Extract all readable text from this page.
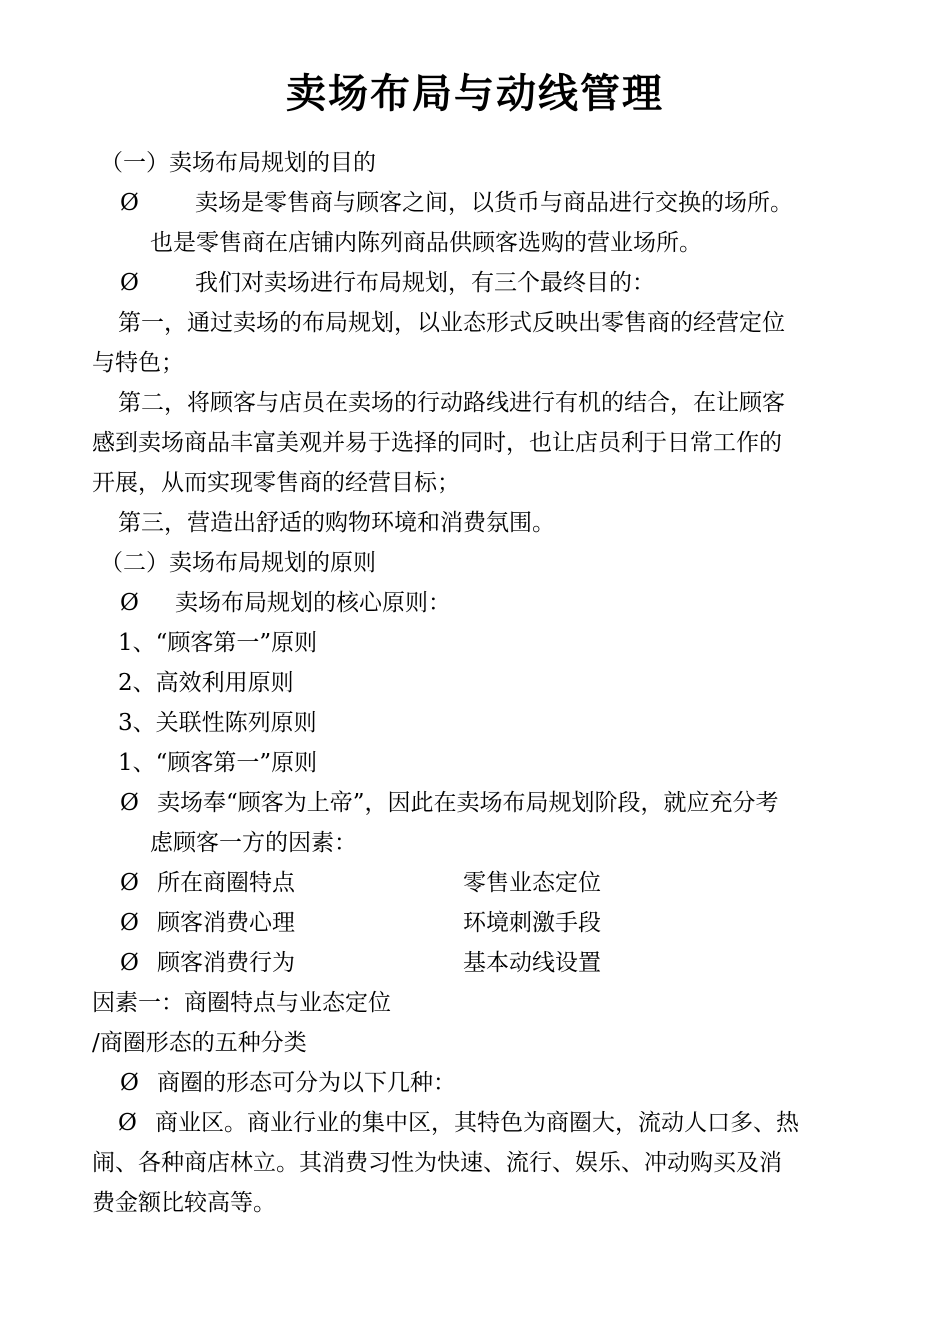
卖场布局与动线管理
（一）卖场布局规划的目的
Ø 卖场是零售商与顾客之间，以货币与商品进行交换的场所。
也是零售商在店铺内陈列商品供顾客选购的营业场所。
Ø 我们对卖场进行布局规划，有三个最终目的：
第一，通过卖场的布局规划，以业态形式反映出零售商的经营定位
与特色；
第二，将顾客与店员在卖场的行动路线进行有机的结合，在让顾客
感到卖场商品丰富美观并易于选择的同时，也让店员利于日常工作的
开展，从而实现零售商的经营目标；
第三，营造出舒适的购物环境和消费氛围。
（二）卖场布局规划的原则
Ø 卖场布局规划的核心原则：
1、“顾客第一”原则
2、高效利用原则
3、关联性陈列原则
1、“顾客第一”原则
Ø 卖场奉“顾客为上帝”，因此在卖场布局规划阶段，就应充分考
虑顾客一方的因素：
Ø 所在商圈特点	零售业态定位
Ø 顾客消费心理	环境刺激手段
Ø 顾客消费行为	基本动线设置
因素一：商圈特点与业态定位
/商圈形态的五种分类
Ø 商圈的形态可分为以下几种：
Ø 商业区。商业行业的集中区，其特色为商圈大，流动人口多、热
闹、各种商店林立。其消费习性为快速、流行、娱乐、冲动购买及消
费金额比较高等。
